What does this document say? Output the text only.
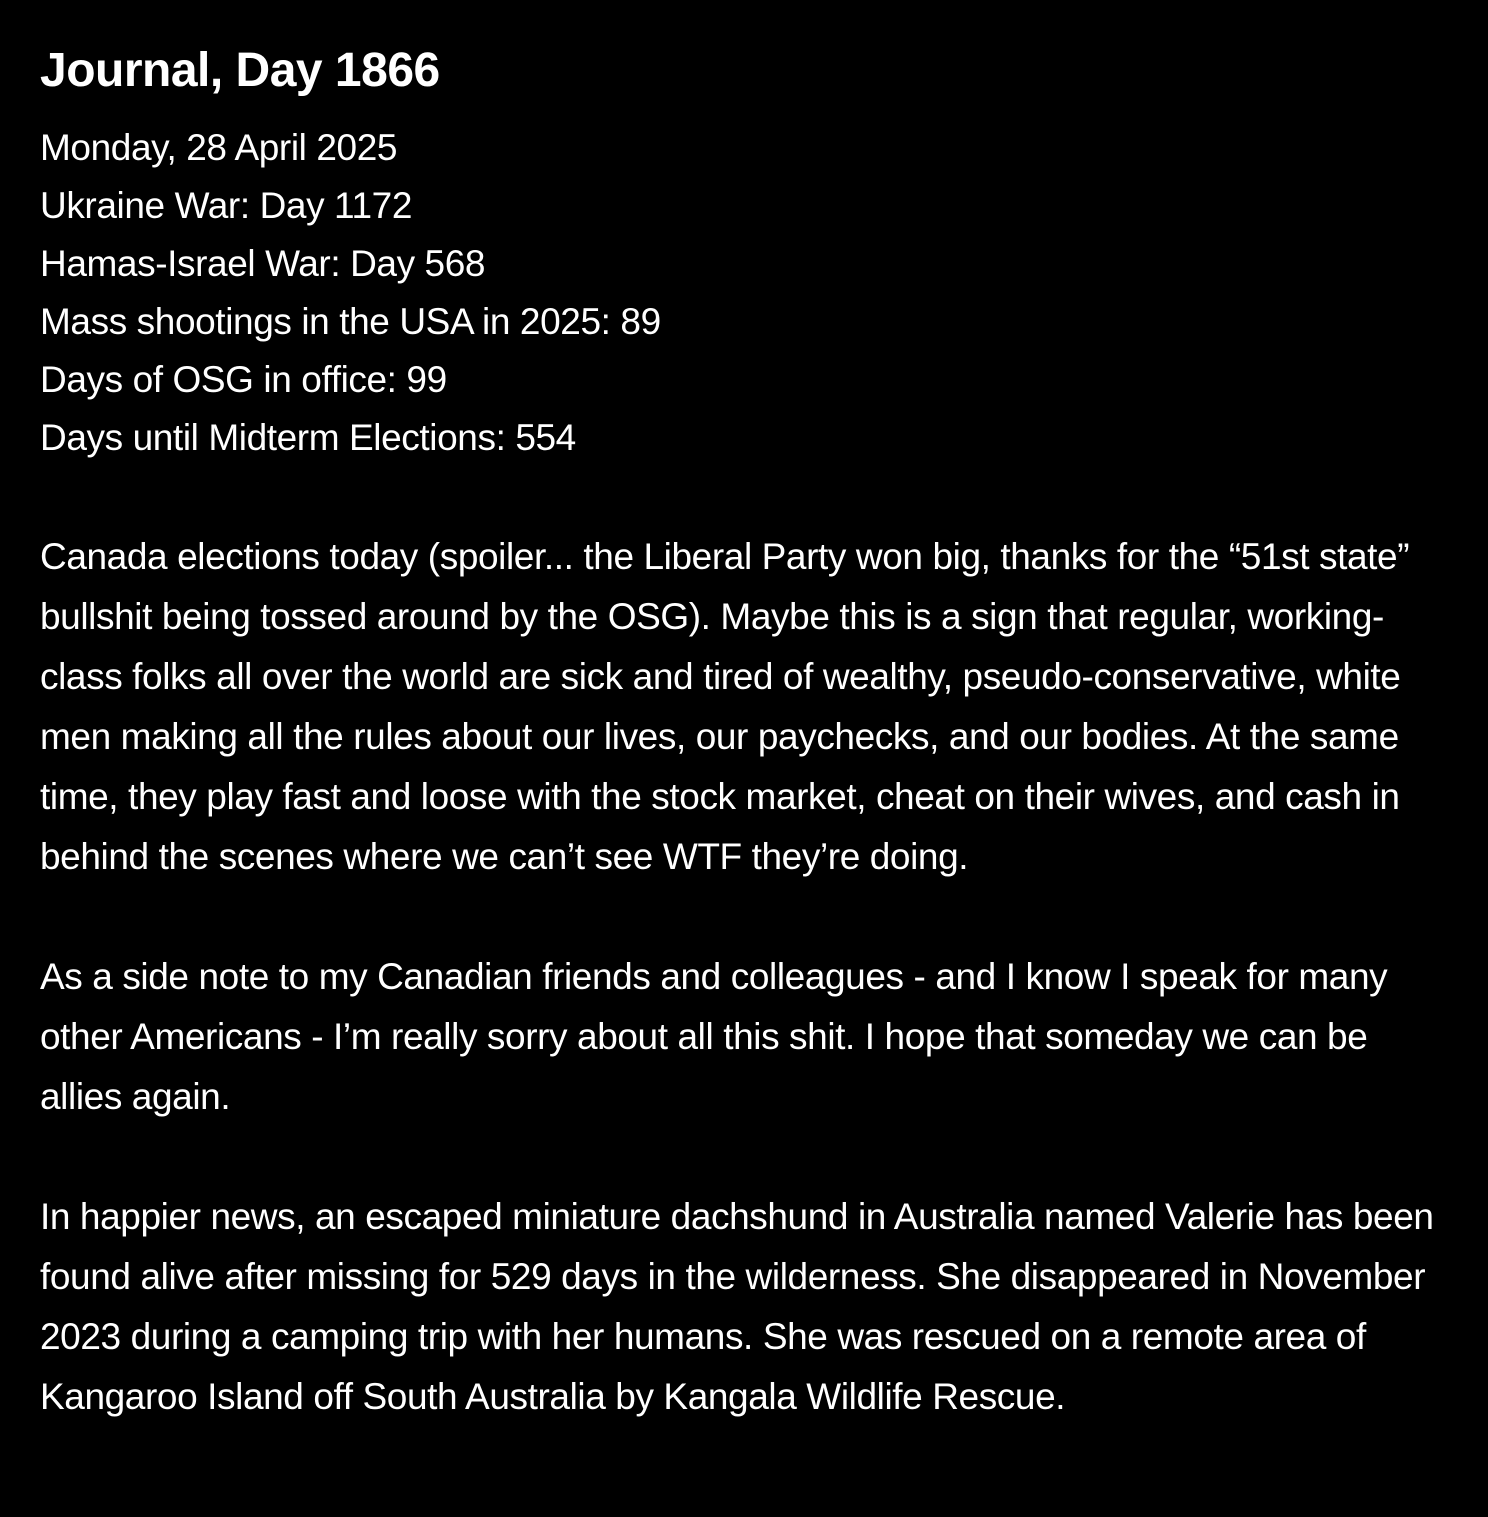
Journal, Day 1866
Monday, 28 April 2025
Ukraine War: Day 1172
Hamas-Israel War: Day 568
Mass shootings in the USA in 2025: 89
Days of OSG in office: 99
Days until Midterm Elections: 554

Canada elections today (spoiler... the Liberal Party won big, thanks for the “51st state” bullshit being tossed around by the OSG). Maybe this is a sign that regular, working-class folks all over the world are sick and tired of wealthy, pseudo-conservative, white men making all the rules about our lives, our paychecks, and our bodies. At the same time, they play fast and loose with the stock market, cheat on their wives, and cash in behind the scenes where we can’t see WTF they’re doing.

As a side note to my Canadian friends and colleagues - and I know I speak for many other Americans - I’m really sorry about all this shit. I hope that someday we can be allies again.

In happier news, an escaped miniature dachshund in Australia named Valerie has been found alive after missing for 529 days in the wilderness. She disappeared in November 2023 during a camping trip with her humans. She was rescued on a remote area of Kangaroo Island off South Australia by Kangala Wildlife Rescue.
